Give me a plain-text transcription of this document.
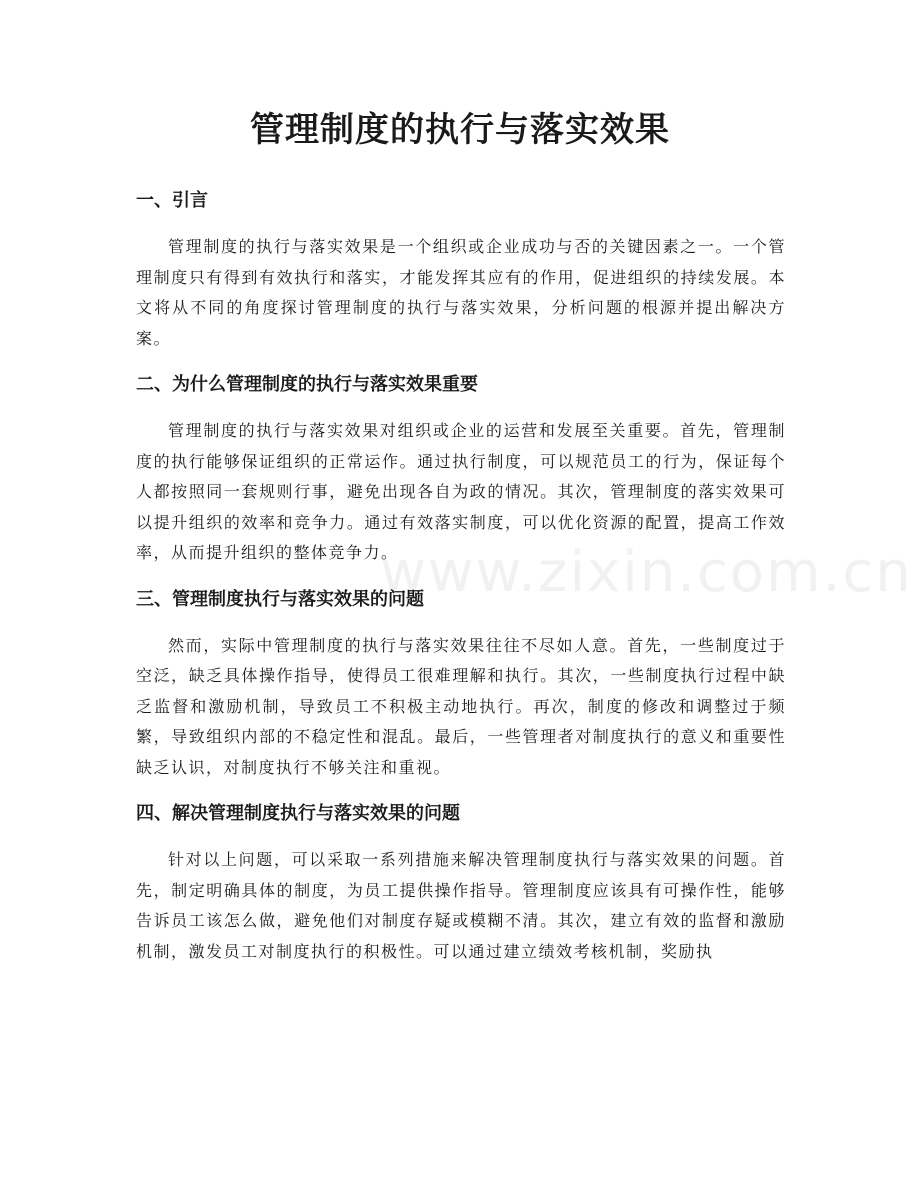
管理制度的执行与落实效果
www.zixin.com.cn
一、引言

管理制度的执行与落实效果是一个组织或企业成功与否的关键因素之一。一个管理制度只有得到有效执行和落实，才能发挥其应有的作用，促进组织的持续发展。本文将从不同的角度探讨管理制度的执行与落实效果，分析问题的根源并提出解决方案。

二、为什么管理制度的执行与落实效果重要

管理制度的执行与落实效果对组织或企业的运营和发展至关重要。首先，管理制度的执行能够保证组织的正常运作。通过执行制度，可以规范员工的行为，保证每个人都按照同一套规则行事，避免出现各自为政的情况。其次，管理制度的落实效果可以提升组织的效率和竞争力。通过有效落实制度，可以优化资源的配置，提高工作效率，从而提升组织的整体竞争力。

三、管理制度执行与落实效果的问题

然而，实际中管理制度的执行与落实效果往往不尽如人意。首先，一些制度过于空泛，缺乏具体操作指导，使得员工很难理解和执行。其次，一些制度执行过程中缺乏监督和激励机制，导致员工不积极主动地执行。再次，制度的修改和调整过于频繁，导致组织内部的不稳定性和混乱。最后，一些管理者对制度执行的意义和重要性缺乏认识，对制度执行不够关注和重视。

四、解决管理制度执行与落实效果的问题

针对以上问题，可以采取一系列措施来解决管理制度执行与落实效果的问题。首先，制定明确具体的制度，为员工提供操作指导。管理制度应该具有可操作性，能够告诉员工该怎么做，避免他们对制度存疑或模糊不清。其次，建立有效的监督和激励机制，激发员工对制度执行的积极性。可以通过建立绩效考核机制，奖励执
